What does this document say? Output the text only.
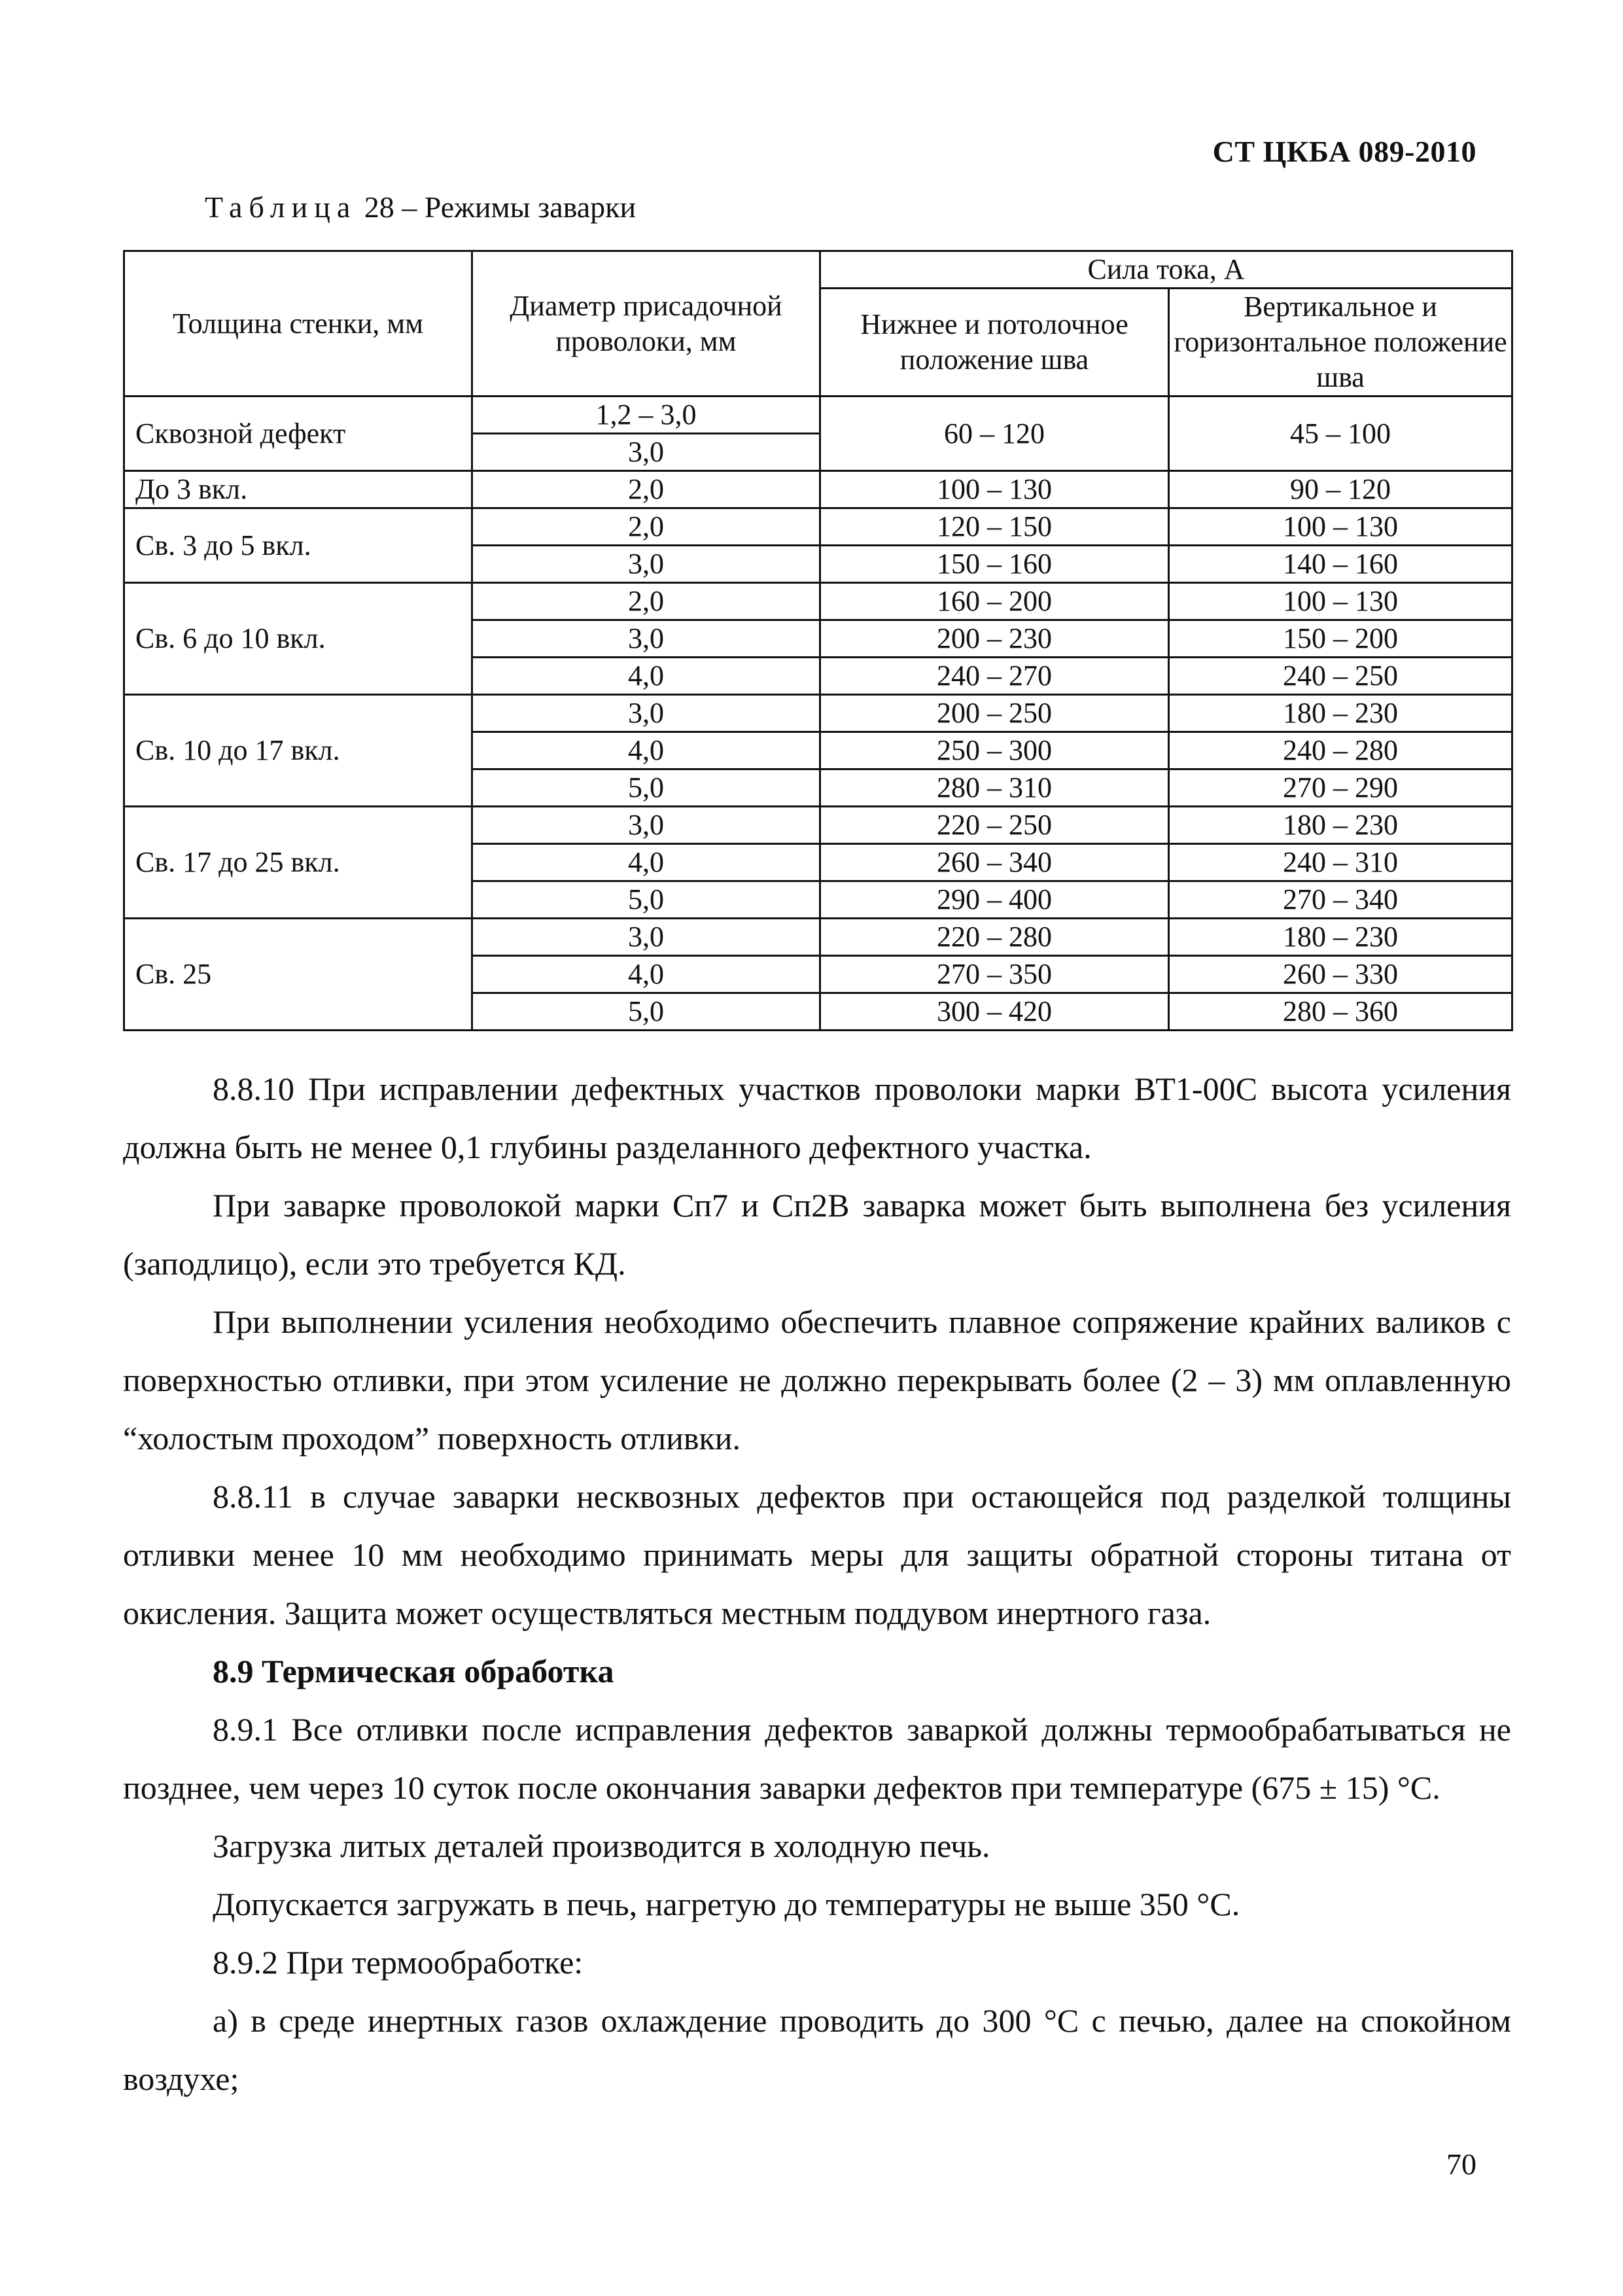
СТ ЦКБА 089-2010
Таблица 28 – Режимы заварки
Толщина стенки, мм	Диаметр присадочной проволоки, мм	Сила тока, А	
		Нижнее и потолочное положение шва	Вертикальное и горизонтальное положение шва
Сквозной дефект	1,2 – 3,0	60 – 120	45 – 100
	3,0		
До 3 вкл.	2,0	100 – 130	90 – 120
Св. 3 до 5 вкл.	2,0	120 – 150	100 – 130
	3,0	150 – 160	140 – 160
Св. 6 до 10 вкл.	2,0	160 – 200	100 – 130
	3,0	200 – 230	150 – 200
	4,0	240 – 270	240 – 250
Св. 10 до 17 вкл.	3,0	200 – 250	180 – 230
	4,0	250 – 300	240 – 280
	5,0	280 – 310	270 – 290
Св. 17 до 25 вкл.	3,0	220 – 250	180 – 230
	4,0	260 – 340	240 – 310
	5,0	290 – 400	270 – 340
Св. 25	3,0	220 – 280	180 – 230
	4,0	270 – 350	260 – 330
	5,0	300 – 420	280 – 360

8.8.10 При исправлении дефектных участков проволоки марки ВТ1-00С высота усиления должна быть не менее 0,1 глубины разделанного дефектного участка.

При заварке проволокой марки Сп7 и Сп2В заварка может быть выполнена без усиления (заподлицо), если это требуется КД.

При выполнении усиления необходимо обеспечить плавное сопряжение крайних валиков с поверхностью отливки, при этом усиление не должно перекрывать более (2 – 3) мм оплавленную “холостым проходом” поверхность отливки.

8.8.11 в случае заварки несквозных дефектов при остающейся под разделкой толщины отливки менее 10 мм необходимо принимать меры для защиты обратной стороны титана от окисления. Защита может осуществляться местным поддувом инертного газа.

8.9 Термическая обработка

8.9.1 Все отливки после исправления дефектов заваркой должны термообрабатываться не позднее, чем через 10 суток после окончания заварки дефектов при температуре (675 ± 15) °С.

Загрузка литых деталей производится в холодную печь.

Допускается загружать в печь, нагретую до температуры не выше 350 °С.

8.9.2 При термообработке:

а) в среде инертных газов охлаждение проводить до 300 °С с печью, далее на спокойном воздухе;

70
